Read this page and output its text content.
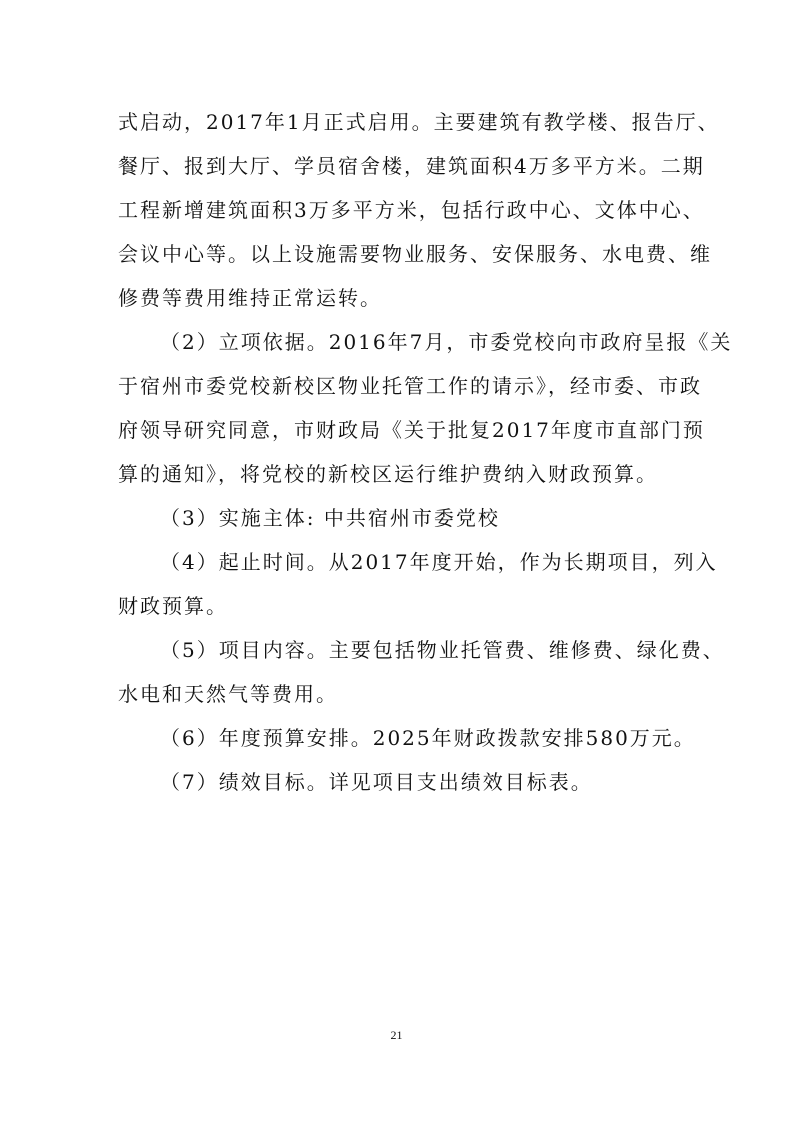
式启动，2017年1月正式启用。主要建筑有教学楼、报告厅、
餐厅、报到大厅、学员宿舍楼，建筑面积4万多平方米。二期
工程新增建筑面积3万多平方米，包括行政中心、文体中心、
会议中心等。以上设施需要物业服务、安保服务、水电费、维
修费等费用维持正常运转。
（2）立项依据。2016年7月，市委党校向市政府呈报《关
于宿州市委党校新校区物业托管工作的请示》，经市委、市政
府领导研究同意，市财政局《关于批复2017年度市直部门预
算的通知》，将党校的新校区运行维护费纳入财政预算。
（3）实施主体: 中共宿州市委党校
（4）起止时间。从2017年度开始，作为长期项目，列入
财政预算。
（5）项目内容。主要包括物业托管费、维修费、绿化费、
水电和天然气等费用。
（6）年度预算安排。2025年财政拨款安排580万元。
（7）绩效目标。详见项目支出绩效目标表。
21
